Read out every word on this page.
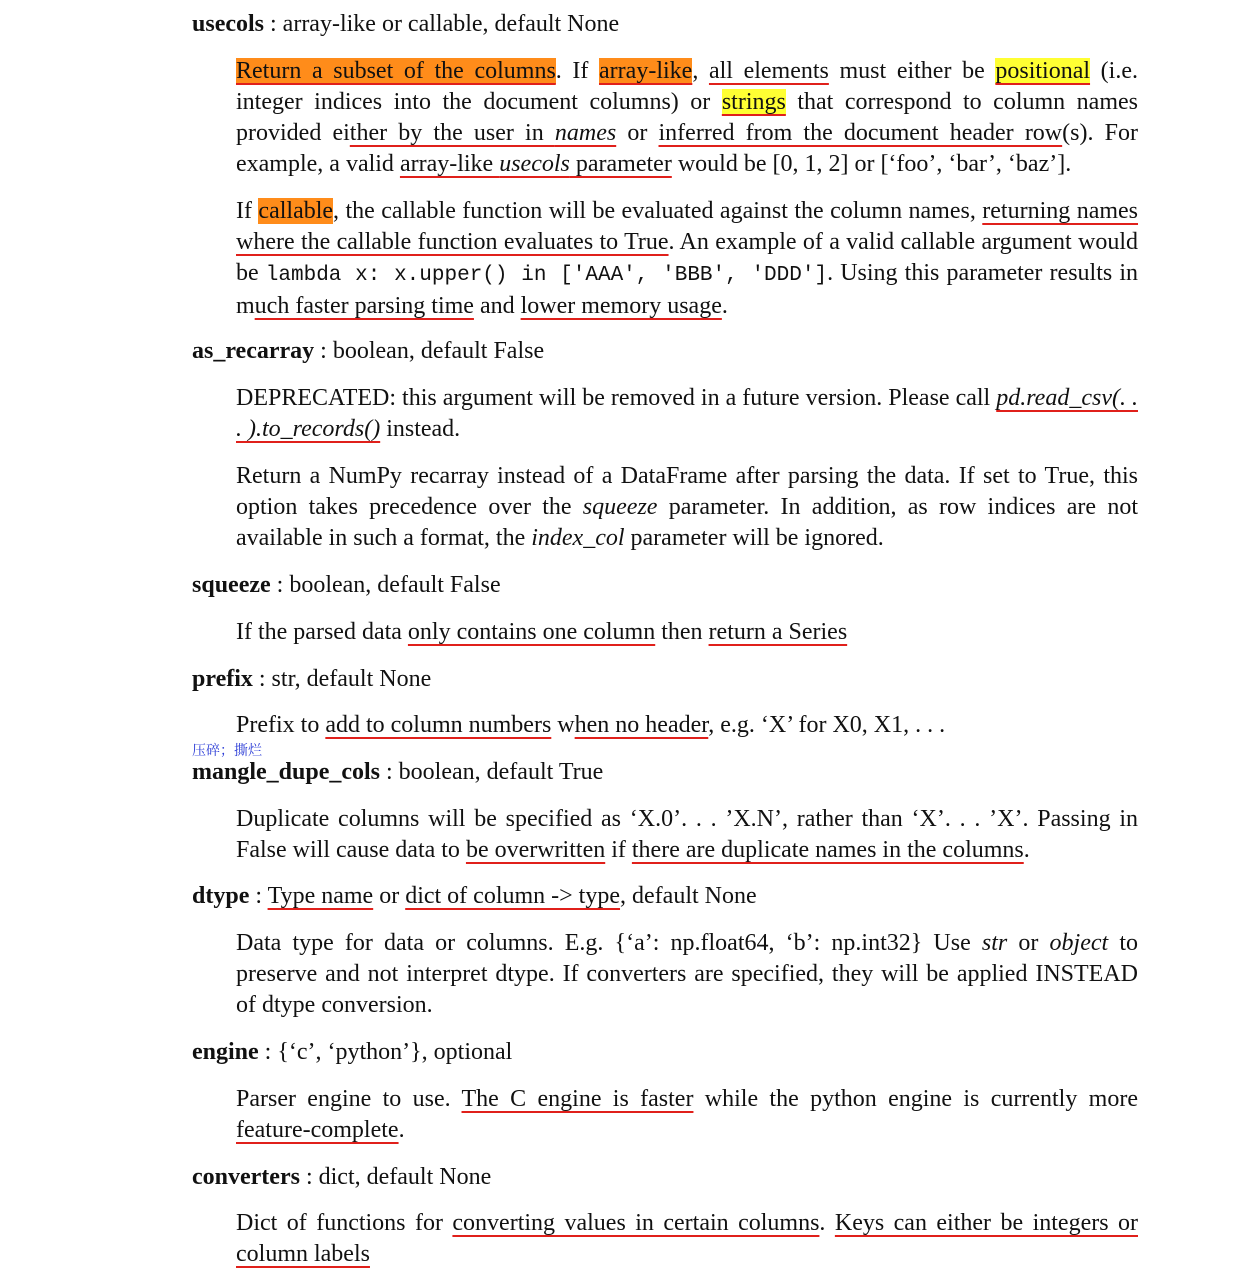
usecols : array-like or callable, default None

Return a subset of the columns. If array-like, all elements must either be positional (i.e. integer indices into the document columns) or strings that correspond to column names provided either by the user in names or inferred from the document header row(s). For example, a valid array-like usecols parameter would be [0, 1, 2] or [‘foo’, ‘bar’, ‘baz’].

If callable, the callable function will be evaluated against the column names, returning names where the callable function evaluates to True. An example of a valid callable argument would be lambda x: x.upper() in ['AAA', 'BBB', 'DDD']. Using this parameter results in much faster parsing time and lower memory usage.

as_recarray : boolean, default False

DEPRECATED: this argument will be removed in a future version. Please call pd.read_csv(. . . ).to_records() instead.

Return a NumPy recarray instead of a DataFrame after parsing the data. If set to True, this option takes precedence over the squeeze parameter. In addition, as row indices are not available in such a format, the index_col parameter will be ignored.

squeeze : boolean, default False

If the parsed data only contains one column then return a Series

prefix : str, default None

Prefix to add to column numbers when no header, e.g. ‘X’ for X0, X1, . . .

压碎；撕烂
mangle_dupe_cols : boolean, default True

Duplicate columns will be specified as ‘X.0’. . . ’X.N’, rather than ‘X’. . . ’X’. Passing in False will cause data to be overwritten if there are duplicate names in the columns.

dtype : Type name or dict of column -> type, default None

Data type for data or columns. E.g. {‘a’: np.float64, ‘b’: np.int32} Use str or object to preserve and not interpret dtype. If converters are specified, they will be applied INSTEAD of dtype conversion.

engine : {‘c’, ‘python’}, optional

Parser engine to use. The C engine is faster while the python engine is currently more feature-complete.

converters : dict, default None

Dict of functions for converting values in certain columns. Keys can either be integers or column labels
